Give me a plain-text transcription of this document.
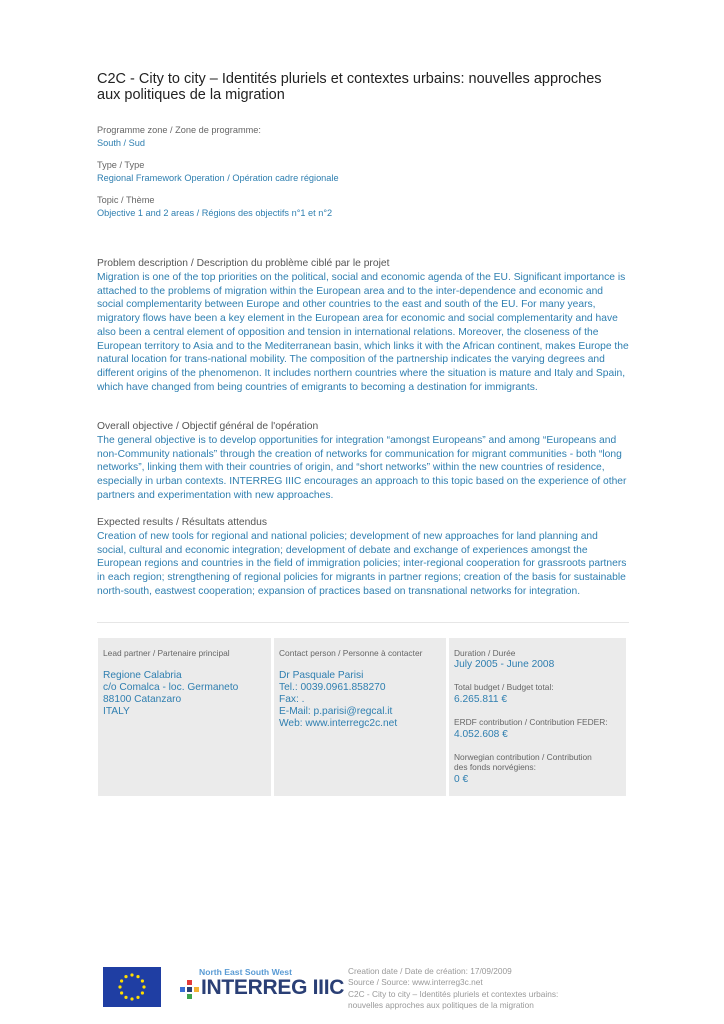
C2C - City to city – Identités pluriels et contextes urbains: nouvelles approches
aux politiques de la migration
Programme zone / Zone de programme:
South / Sud
Type / Type
Regional Framework Operation / Opération cadre régionale
Topic / Thème
Objective 1 and 2 areas / Régions des objectifs n°1 et n°2
Problem description / Description du problème ciblé par le projet
Migration is one of the top priorities on the political, social and economic agenda of the EU. Significant importance is attached to the problems of migration within the European area and to the inter-dependence and economic and social complementarity between Europe and other countries to the east and south of the EU. For many years, migratory flows have been a key element in the European area for economic and social complementarity and have also been a central element of opposition and tension in international relations. Moreover, the closeness of the European territory to Asia and to the Mediterranean basin, which links it with the African continent, makes Europe the natural location for trans-national mobility. The composition of the partnership indicates the varying degrees and different origins of the phenomenon. It includes northern countries where the situation is mature and Italy and Spain, which have changed from being countries of emigrants to becoming a destination for immigrants.
Overall objective / Objectif général de l'opération
The general objective is to develop opportunities for integration “amongst Europeans” and among “Europeans and non-Community nationals” through the creation of networks for communication for migrant communities - both “long networks”, linking them with their countries of origin, and “short networks” within the new countries of residence, especially in urban contexts. INTERREG IIIC encourages an approach to this topic based on the experience of other partners and experimentation with new approaches.
Expected results / Résultats attendus
Creation of new tools for regional and national policies; development of new approaches for land planning and social, cultural and economic integration; development of debate and exchange of experiences amongst the European regions and countries in the field of immigration policies; inter-regional cooperation for grassroots partners in each region; strengthening of regional policies for migrants in partner regions; creation of the basis for sustainable north-south, eastwest cooperation; expansion of practices based on transnational networks for integration.
Lead partner / Partenaire principal
Regione Calabria
c/o Comalca - loc. Germaneto
88100 Catanzaro
ITALY
Contact person / Personne à contacter
Dr Pasquale Parisi
Tel.: 0039.0961.858270
Fax: .
E-Mail: p.parisi@regcal.it
Web: www.interregc2c.net
Duration / Durée
July 2005 - June 2008
Total budget / Budget total:
6.265.811 €
ERDF contribution / Contribution FEDER:
4.052.608 €
Norwegian contribution / Contribution
des fonds norvégiens:
0 €
North East South West
INTERREG IIIC
Creation date / Date de création: 17/09/2009
Source / Source: www.interreg3c.net
C2C - City to city – Identités pluriels et contextes urbains:
nouvelles approches aux politiques de la migration
